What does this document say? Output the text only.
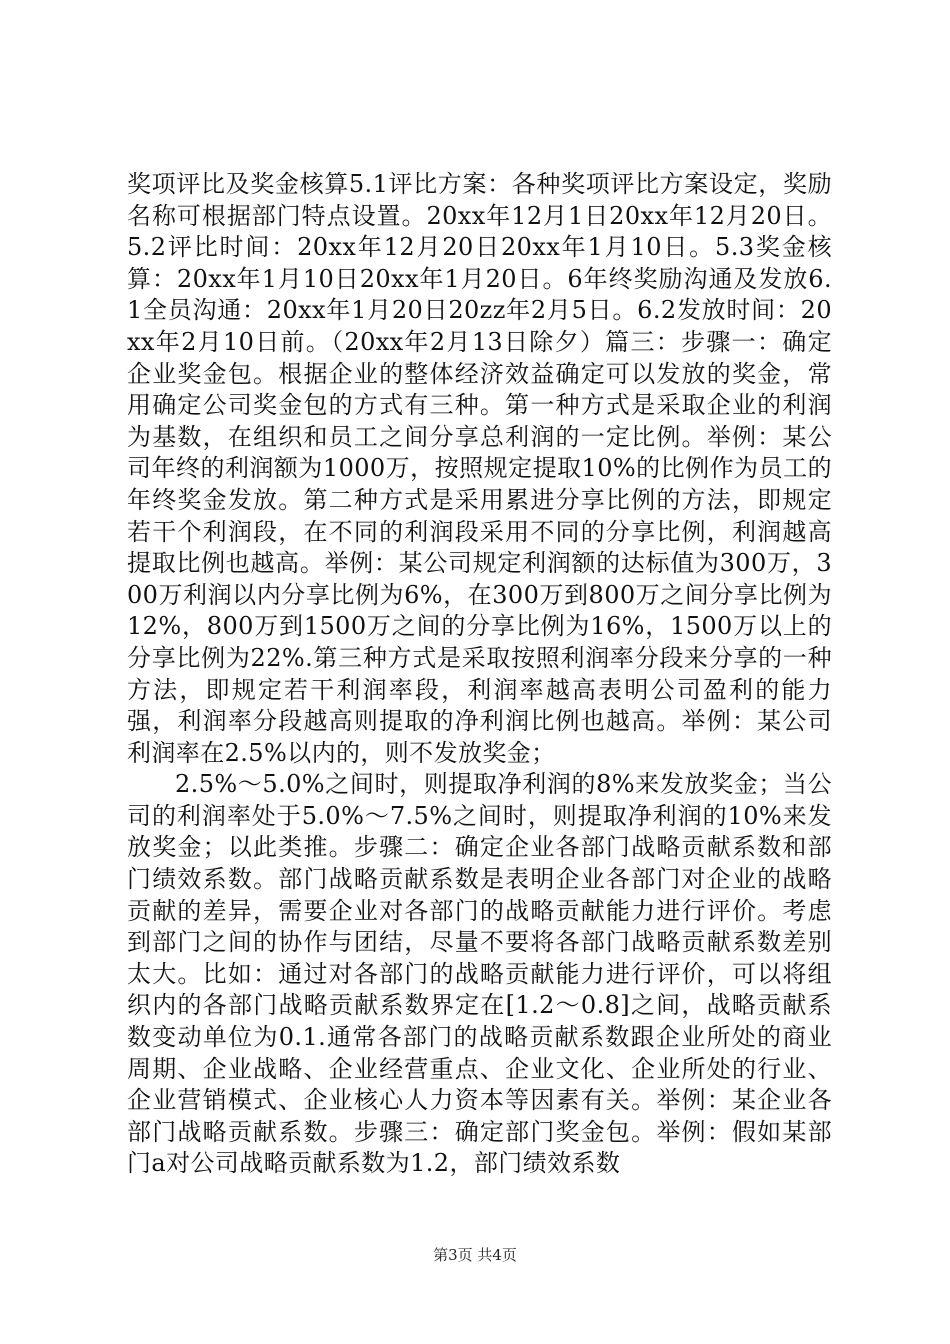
奖项评比及奖金核算5.1评比方案：各种奖项评比方案设定，奖励名称可根据部门特点设置。20xx年12月1日20xx年12月20日。5.2评比时间：20xx年12月20日20xx年1月10日。5.3奖金核算：20xx年1月10日20xx年1月20日。6年终奖励沟通及发放6.1全员沟通：20xx年1月20日20zz年2月5日。6.2发放时间：20xx年2月10日前。（20xx年2月13日除夕）篇三：步骤一：确定企业奖金包。根据企业的整体经济效益确定可以发放的奖金，常用确定公司奖金包的方式有三种。第一种方式是采取企业的利润为基数，在组织和员工之间分享总利润的一定比例。举例：某公司年终的利润额为1000万，按照规定提取10%的比例作为员工的年终奖金发放。第二种方式是采用累进分享比例的方法，即规定若干个利润段，在不同的利润段采用不同的分享比例，利润越高提取比例也越高。举例：某公司规定利润额的达标值为300万，300万利润以内分享比例为6%，在300万到800万之间分享比例为12%，800万到1500万之间的分享比例为16%，1500万以上的分享比例为22%.第三种方式是采取按照利润率分段来分享的一种方法，即规定若干利润率段，利润率越高表明公司盈利的能力强，利润率分段越高则提取的净利润比例也越高。举例：某公司利润率在2.5%以内的，则不发放奖金；

2.5%～5.0%之间时，则提取净利润的8%来发放奖金；当公司的利润率处于5.0%～7.5%之间时，则提取净利润的10%来发放奖金；以此类推。步骤二：确定企业各部门战略贡献系数和部门绩效系数。部门战略贡献系数是表明企业各部门对企业的战略贡献的差异，需要企业对各部门的战略贡献能力进行评价。考虑到部门之间的协作与团结，尽量不要将各部门战略贡献系数差别太大。比如：通过对各部门的战略贡献能力进行评价，可以将组织内的各部门战略贡献系数界定在[1.2～0.8]之间，战略贡献系数变动单位为0.1.通常各部门的战略贡献系数跟企业所处的商业周期、企业战略、企业经营重点、企业文化、企业所处的行业、企业营销模式、企业核心人力资本等因素有关。举例：某企业各部门战略贡献系数。步骤三：确定部门奖金包。举例：假如某部门a对公司战略贡献系数为1.2，部门绩效系数

第3页 共4页
